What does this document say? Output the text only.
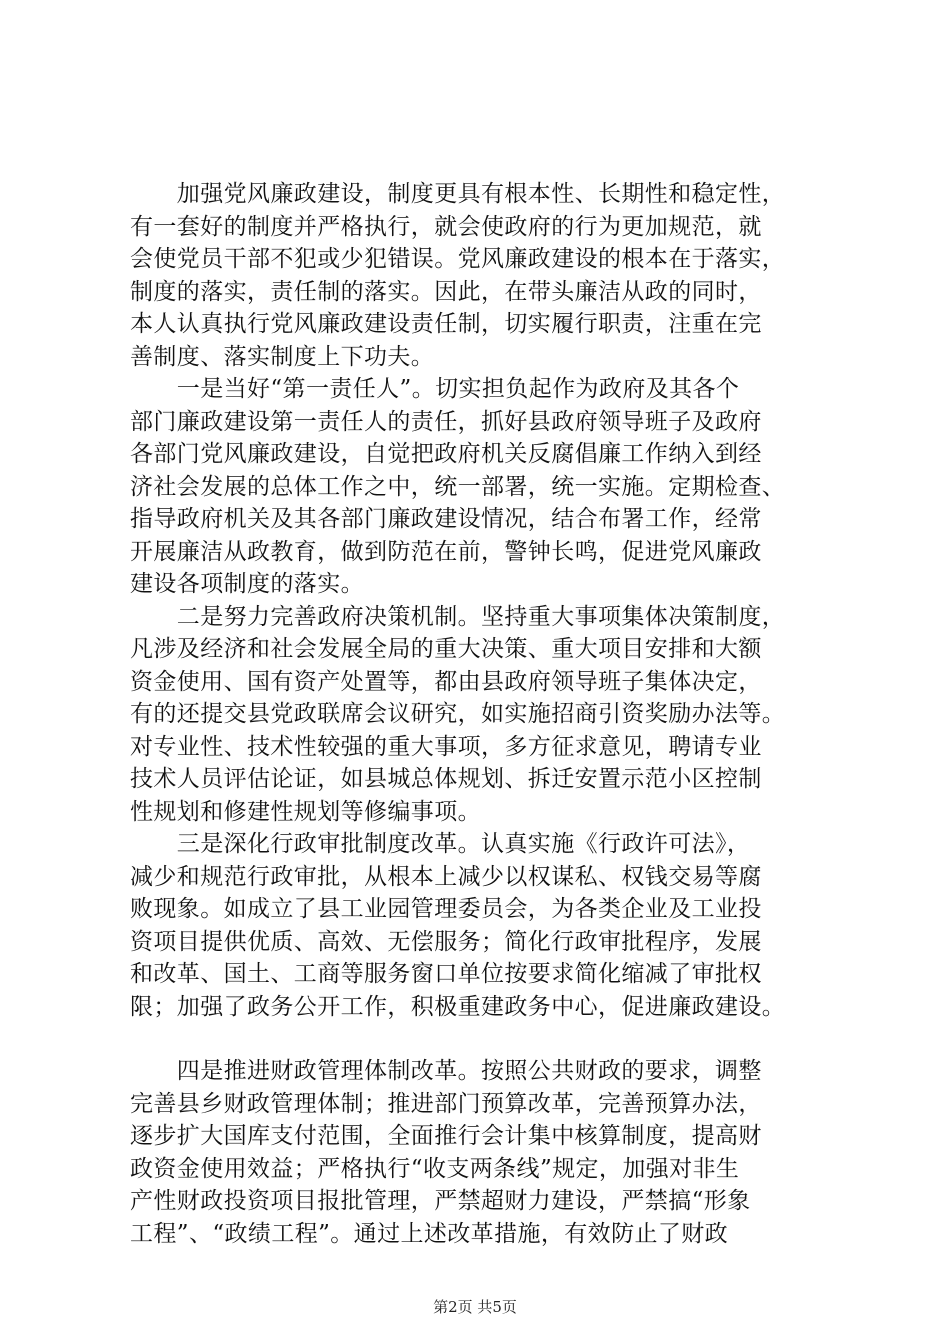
　　加强党风廉政建设，制度更具有根本性、长期性和稳定性，
有一套好的制度并严格执行，就会使政府的行为更加规范，就
会使党员干部不犯或少犯错误。党风廉政建设的根本在于落实，
制度的落实，责任制的落实。因此，在带头廉洁从政的同时，
本人认真执行党风廉政建设责任制，切实履行职责，注重在完
善制度、落实制度上下功夫。
　　一是当好“第一责任人”。切实担负起作为政府及其各个
部门廉政建设第一责任人的责任，抓好县政府领导班子及政府
各部门党风廉政建设，自觉把政府机关反腐倡廉工作纳入到经
济社会发展的总体工作之中，统一部署，统一实施。定期检查、
指导政府机关及其各部门廉政建设情况，结合布署工作，经常
开展廉洁从政教育，做到防范在前，警钟长鸣，促进党风廉政
建设各项制度的落实。
　　二是努力完善政府决策机制。坚持重大事项集体决策制度，
凡涉及经济和社会发展全局的重大决策、重大项目安排和大额
资金使用、国有资产处置等，都由县政府领导班子集体决定，
有的还提交县党政联席会议研究，如实施招商引资奖励办法等。
对专业性、技术性较强的重大事项，多方征求意见，聘请专业
技术人员评估论证，如县城总体规划、拆迁安置示范小区控制
性规划和修建性规划等修编事项。
　　三是深化行政审批制度改革。认真实施《行政许可法》，
减少和规范行政审批，从根本上减少以权谋私、权钱交易等腐
败现象。如成立了县工业园管理委员会，为各类企业及工业投
资项目提供优质、高效、无偿服务；简化行政审批程序，发展
和改革、国土、工商等服务窗口单位按要求简化缩减了审批权
限；加强了政务公开工作，积极重建政务中心，促进廉政建设。
　　四是推进财政管理体制改革。按照公共财政的要求，调整
完善县乡财政管理体制；推进部门预算改革，完善预算办法，
逐步扩大国库支付范围，全面推行会计集中核算制度，提高财
政资金使用效益；严格执行“收支两条线”规定，加强对非生
产性财政投资项目报批管理，严禁超财力建设，严禁搞“形象
工程”、“政绩工程”。通过上述改革措施，有效防止了财政
第2页 共5页
